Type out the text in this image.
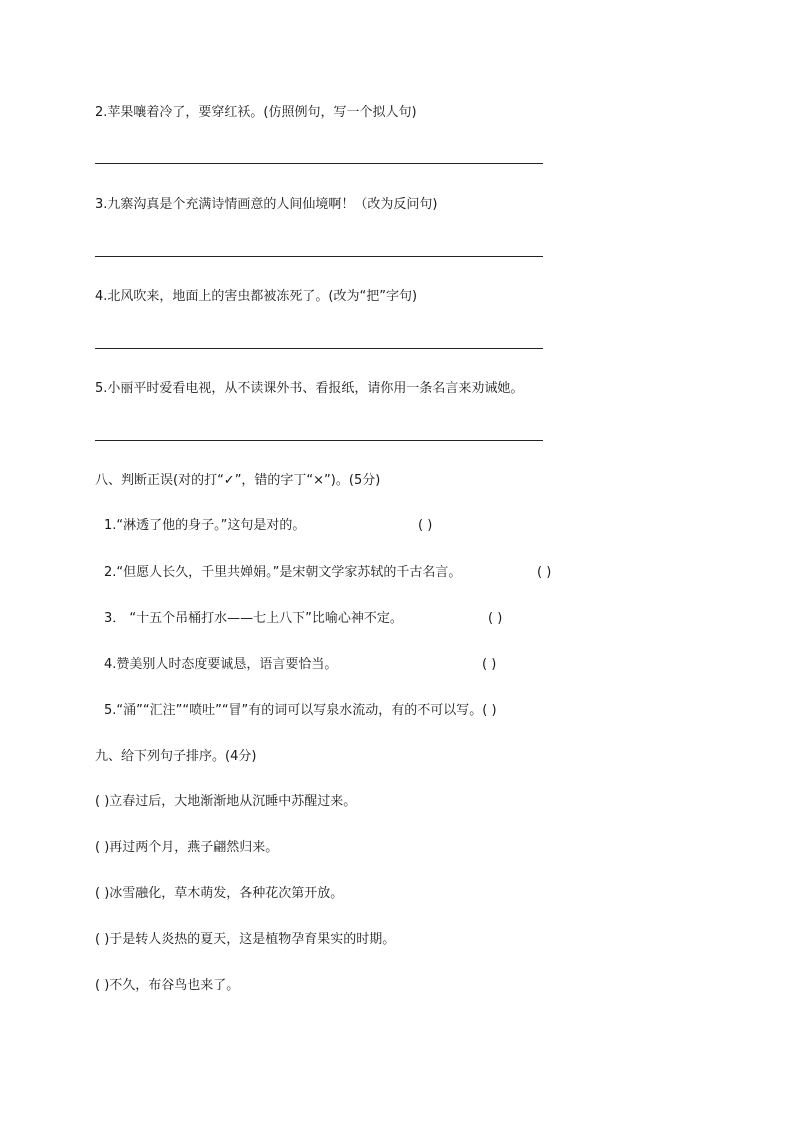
2.苹果嚷着冷了，要穿红袄。(仿照例句，写一个拟人句)
3.九寨沟真是个充满诗情画意的人间仙境啊！（改为反问句)
4.北风吹来，地面上的害虫都被冻死了。(改为“把”字句)
5.小丽平时爱看电视，从不读课外书、看报纸，请你用一条名言来劝诫她。
八、判断正误(对的打“✓”，错的字丁“×”)。(5分)
1.“淋透了他的身子。”这句是对的。	( )
2.“但愿人长久，千里共婵娟。”是宋朝文学家苏轼的千古名言。	( )
3． “十五个吊桶打水——七上八下”比喻心神不定。	( )
4.赞美别人时态度要诚恳，语言要恰当。	( )
5.“涌”“汇注”“喷吐”“冒”有的词可以写泉水流动，有的不可以写。( )
九、给下列句子排序。(4分)
( )立春过后，大地渐渐地从沉睡中苏醒过来。
( )再过两个月，燕子翩然归来。
( )冰雪融化，草木萌发，各种花次第开放。
( )于是转人炎热的夏天，这是植物孕育果实的时期。
( )不久，布谷鸟也来了。
